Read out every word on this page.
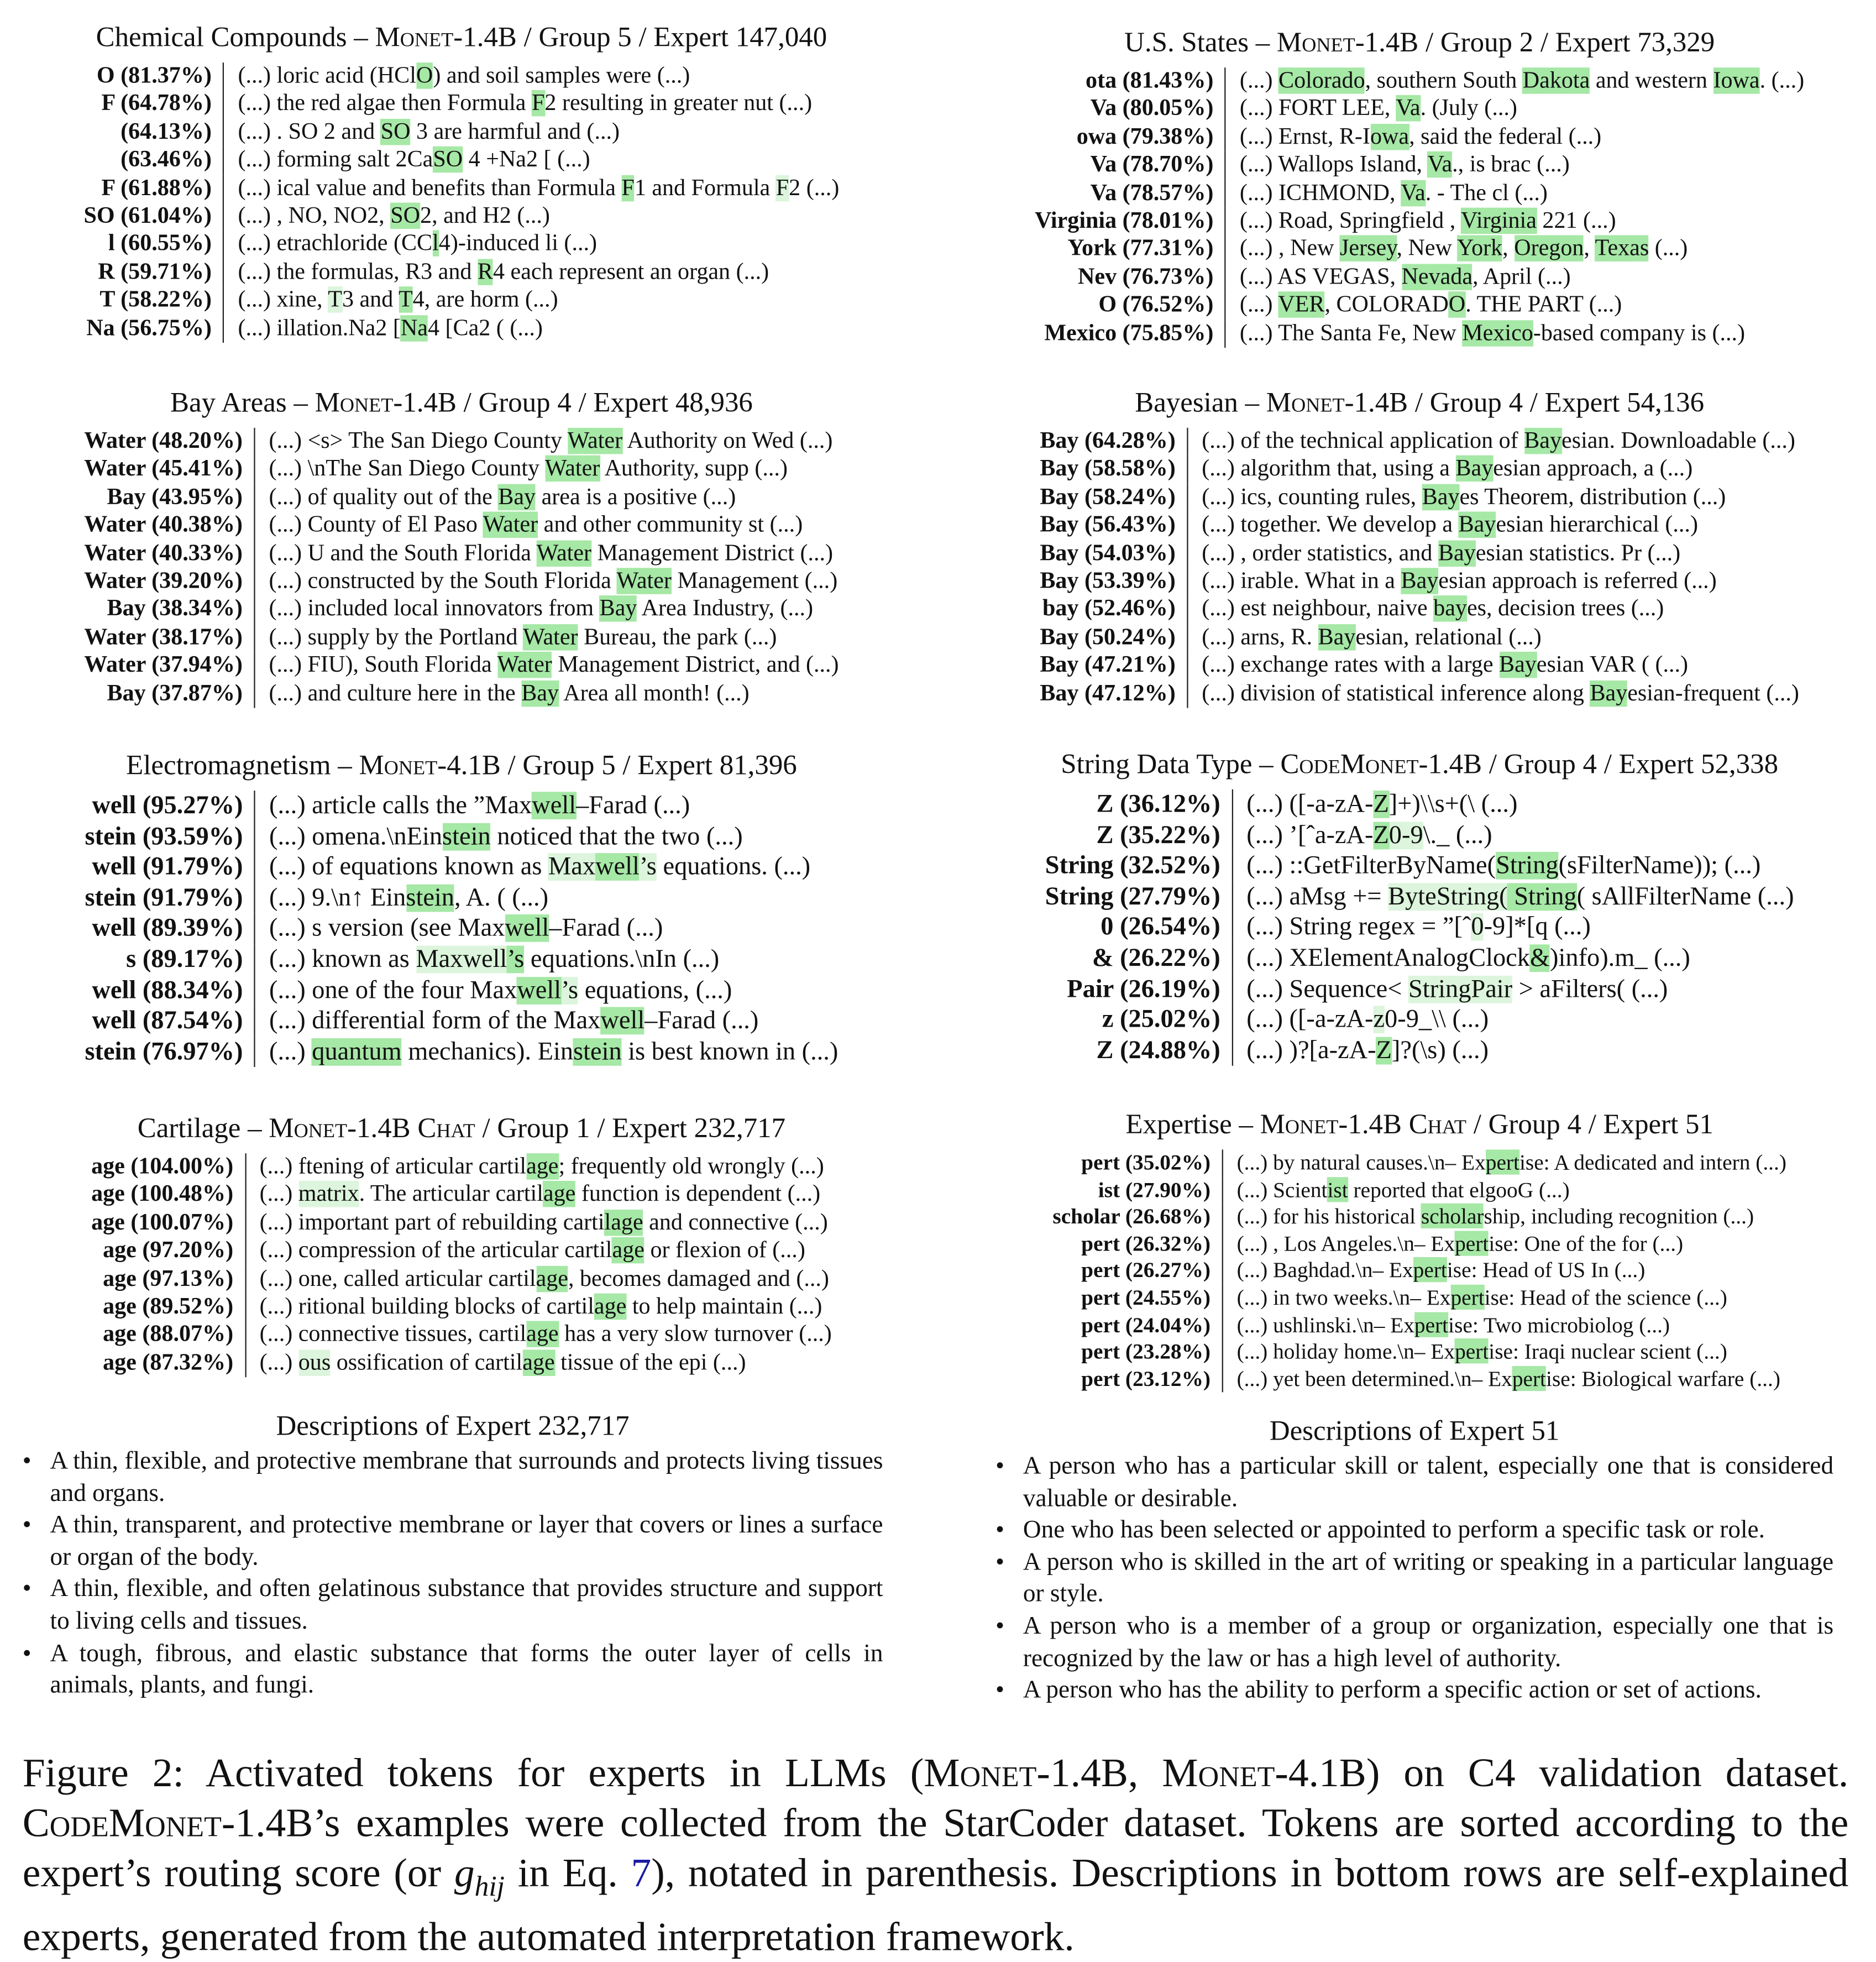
Chemical Compounds – Monet-1.4B / Group 5 / Expert 147,040
O (81.37%)	(...) loric acid (HClO) and soil samples were (...)
F (64.78%)	(...) the red algae then Formula F2 resulting in greater nut (...)
(64.13%)	(...) . SO 2 and SO 3 are harmful and (...)
(63.46%)	(...) forming salt 2CaSO 4 +Na2 [ (...)
F (61.88%)	(...) ical value and benefits than Formula F1 and Formula F2 (...)
SO (61.04%)	(...) , NO, NO2, SO2, and H2 (...)
l (60.55%)	(...) etrachloride (CCl4)-induced li (...)
R (59.71%)	(...) the formulas, R3 and R4 each represent an organ (...)
T (58.22%)	(...) xine, T3 and T4, are horm (...)
Na (56.75%)	(...) illation.Na2 [Na4 [Ca2 ( (...)
U.S. States – Monet-1.4B / Group 2 / Expert 73,329
ota (81.43%)	(...) Colorado, southern South Dakota and western Iowa. (...)
Va (80.05%)	(...) FORT LEE, Va. (July (...)
owa (79.38%)	(...) Ernst, R-Iowa, said the federal (...)
Va (78.70%)	(...) Wallops Island, Va., is brac (...)
Va (78.57%)	(...) ICHMOND, Va. - The cl (...)
Virginia (78.01%)	(...) Road, Springfield , Virginia 221 (...)
York (77.31%)	(...) , New Jersey, New York, Oregon, Texas (...)
Nev (76.73%)	(...) AS VEGAS, Nevada, April (...)
O (76.52%)	(...) VER, COLORADO. THE PART (...)
Mexico (75.85%)	(...) The Santa Fe, New Mexico-based company is (...)
Bay Areas – Monet-1.4B / Group 4 / Expert 48,936
Water (48.20%)	(...) <s> The San Diego County Water Authority on Wed (...)
Water (45.41%)	(...) \nThe San Diego County Water Authority, supp (...)
Bay (43.95%)	(...) of quality out of the Bay area is a positive (...)
Water (40.38%)	(...) County of El Paso Water and other community st (...)
Water (40.33%)	(...) U and the South Florida Water Management District (...)
Water (39.20%)	(...) constructed by the South Florida Water Management (...)
Bay (38.34%)	(...) included local innovators from Bay Area Industry, (...)
Water (38.17%)	(...) supply by the Portland Water Bureau, the park (...)
Water (37.94%)	(...) FIU), South Florida Water Management District, and (...)
Bay (37.87%)	(...) and culture here in the Bay Area all month! (...)
Bayesian – Monet-1.4B / Group 4 / Expert 54,136
Bay (64.28%)	(...) of the technical application of Bayesian. Downloadable (...)
Bay (58.58%)	(...) algorithm that, using a Bayesian approach, a (...)
Bay (58.24%)	(...) ics, counting rules, Bayes Theorem, distribution (...)
Bay (56.43%)	(...) together. We develop a Bayesian hierarchical (...)
Bay (54.03%)	(...) , order statistics, and Bayesian statistics. Pr (...)
Bay (53.39%)	(...) irable. What in a Bayesian approach is referred (...)
bay (52.46%)	(...) est neighbour, naive bayes, decision trees (...)
Bay (50.24%)	(...) arns, R. Bayesian, relational (...)
Bay (47.21%)	(...) exchange rates with a large Bayesian VAR ( (...)
Bay (47.12%)	(...) division of statistical inference along Bayesian-frequent (...)
Electromagnetism – Monet-4.1B / Group 5 / Expert 81,396
well (95.27%)	(...) article calls the ”Maxwell–Farad (...)
stein (93.59%)	(...) omena.\nEinstein noticed that the two (...)
well (91.79%)	(...) of equations known as Maxwell’s equations. (...)
stein (91.79%)	(...) 9.\n↑ Einstein, A. ( (...)
well (89.39%)	(...) s version (see Maxwell–Farad (...)
s (89.17%)	(...) known as Maxwell’s equations.\nIn (...)
well (88.34%)	(...) one of the four Maxwell’s equations, (...)
well (87.54%)	(...) differential form of the Maxwell–Farad (...)
stein (76.97%)	(...) quantum mechanics). Einstein is best known in (...)
String Data Type – CodeMonet-1.4B / Group 4 / Expert 52,338
Z (36.12%)	(...) ([-a-zA-Z]+)\\s+(\ (...)
Z (35.22%)	(...) ’[ˆa-zA-Z0-9\._ (...)
String (32.52%)	(...) ::GetFilterByName(String(sFilterName)); (...)
String (27.79%)	(...) aMsg += ByteString( String( sAllFilterName (...)
0 (26.54%)	(...) String regex = ”[ˆ0-9]*[q (...)
& (26.22%)	(...) XElementAnalogClock&)info).m_ (...)
Pair (26.19%)	(...) Sequence< StringPair > aFilters( (...)
z (25.02%)	(...) ([-a-zA-z0-9_\\ (...)
Z (24.88%)	(...) )?[a-zA-Z]?(\s) (...)
Cartilage – Monet-1.4B Chat / Group 1 / Expert 232,717
age (104.00%)	(...) ftening of articular cartilage; frequently old wrongly (...)
age (100.48%)	(...) matrix. The articular cartilage function is dependent (...)
age (100.07%)	(...) important part of rebuilding cartilage and connective (...)
age (97.20%)	(...) compression of the articular cartilage or flexion of (...)
age (97.13%)	(...) one, called articular cartilage, becomes damaged and (...)
age (89.52%)	(...) ritional building blocks of cartilage to help maintain (...)
age (88.07%)	(...) connective tissues, cartilage has a very slow turnover (...)
age (87.32%)	(...) ous ossification of cartilage tissue of the epi (...)
Expertise – Monet-1.4B Chat / Group 4 / Expert 51
pert (35.02%)	(...) by natural causes.\n– Expertise: A dedicated and intern (...)
ist (27.90%)	(...) Scientist reported that elgooG (...)
scholar (26.68%)	(...) for his historical scholarship, including recognition (...)
pert (26.32%)	(...) , Los Angeles.\n– Expertise: One of the for (...)
pert (26.27%)	(...) Baghdad.\n– Expertise: Head of US In (...)
pert (24.55%)	(...) in two weeks.\n– Expertise: Head of the science (...)
pert (24.04%)	(...) ushlinski.\n– Expertise: Two microbiolog (...)
pert (23.28%)	(...) holiday home.\n– Expertise: Iraqi nuclear scient (...)
pert (23.12%)	(...) yet been determined.\n– Expertise: Biological warfare (...)
Descriptions of Expert 232,717
• A thin, flexible, and protective membrane that surrounds and protects living tissues and organs.
• A thin, transparent, and protective membrane or layer that covers or lines a surface or organ of the body.
• A thin, flexible, and often gelatinous substance that provides structure and support to living cells and tissues.
• A tough, fibrous, and elastic substance that forms the outer layer of cells in animals, plants, and fungi.
Descriptions of Expert 51
• A person who has a particular skill or talent, especially one that is considered valuable or desirable.
• One who has been selected or appointed to perform a specific task or role.
• A person who is skilled in the art of writing or speaking in a particular language or style.
• A person who is a member of a group or organization, especially one that is recognized by the law or has a high level of authority.
• A person who has the ability to perform a specific action or set of actions.
Figure 2: Activated tokens for experts in LLMs (Monet-1.4B, Monet-4.1B) on C4 validation dataset. CodeMonet-1.4B’s examples were collected from the StarCoder dataset. Tokens are sorted according to the expert’s routing score (or $g_{hij}$ in Eq. 7), notated in parenthesis. Descriptions in bottom rows are self-explained experts, generated from the automated interpretation framework.
